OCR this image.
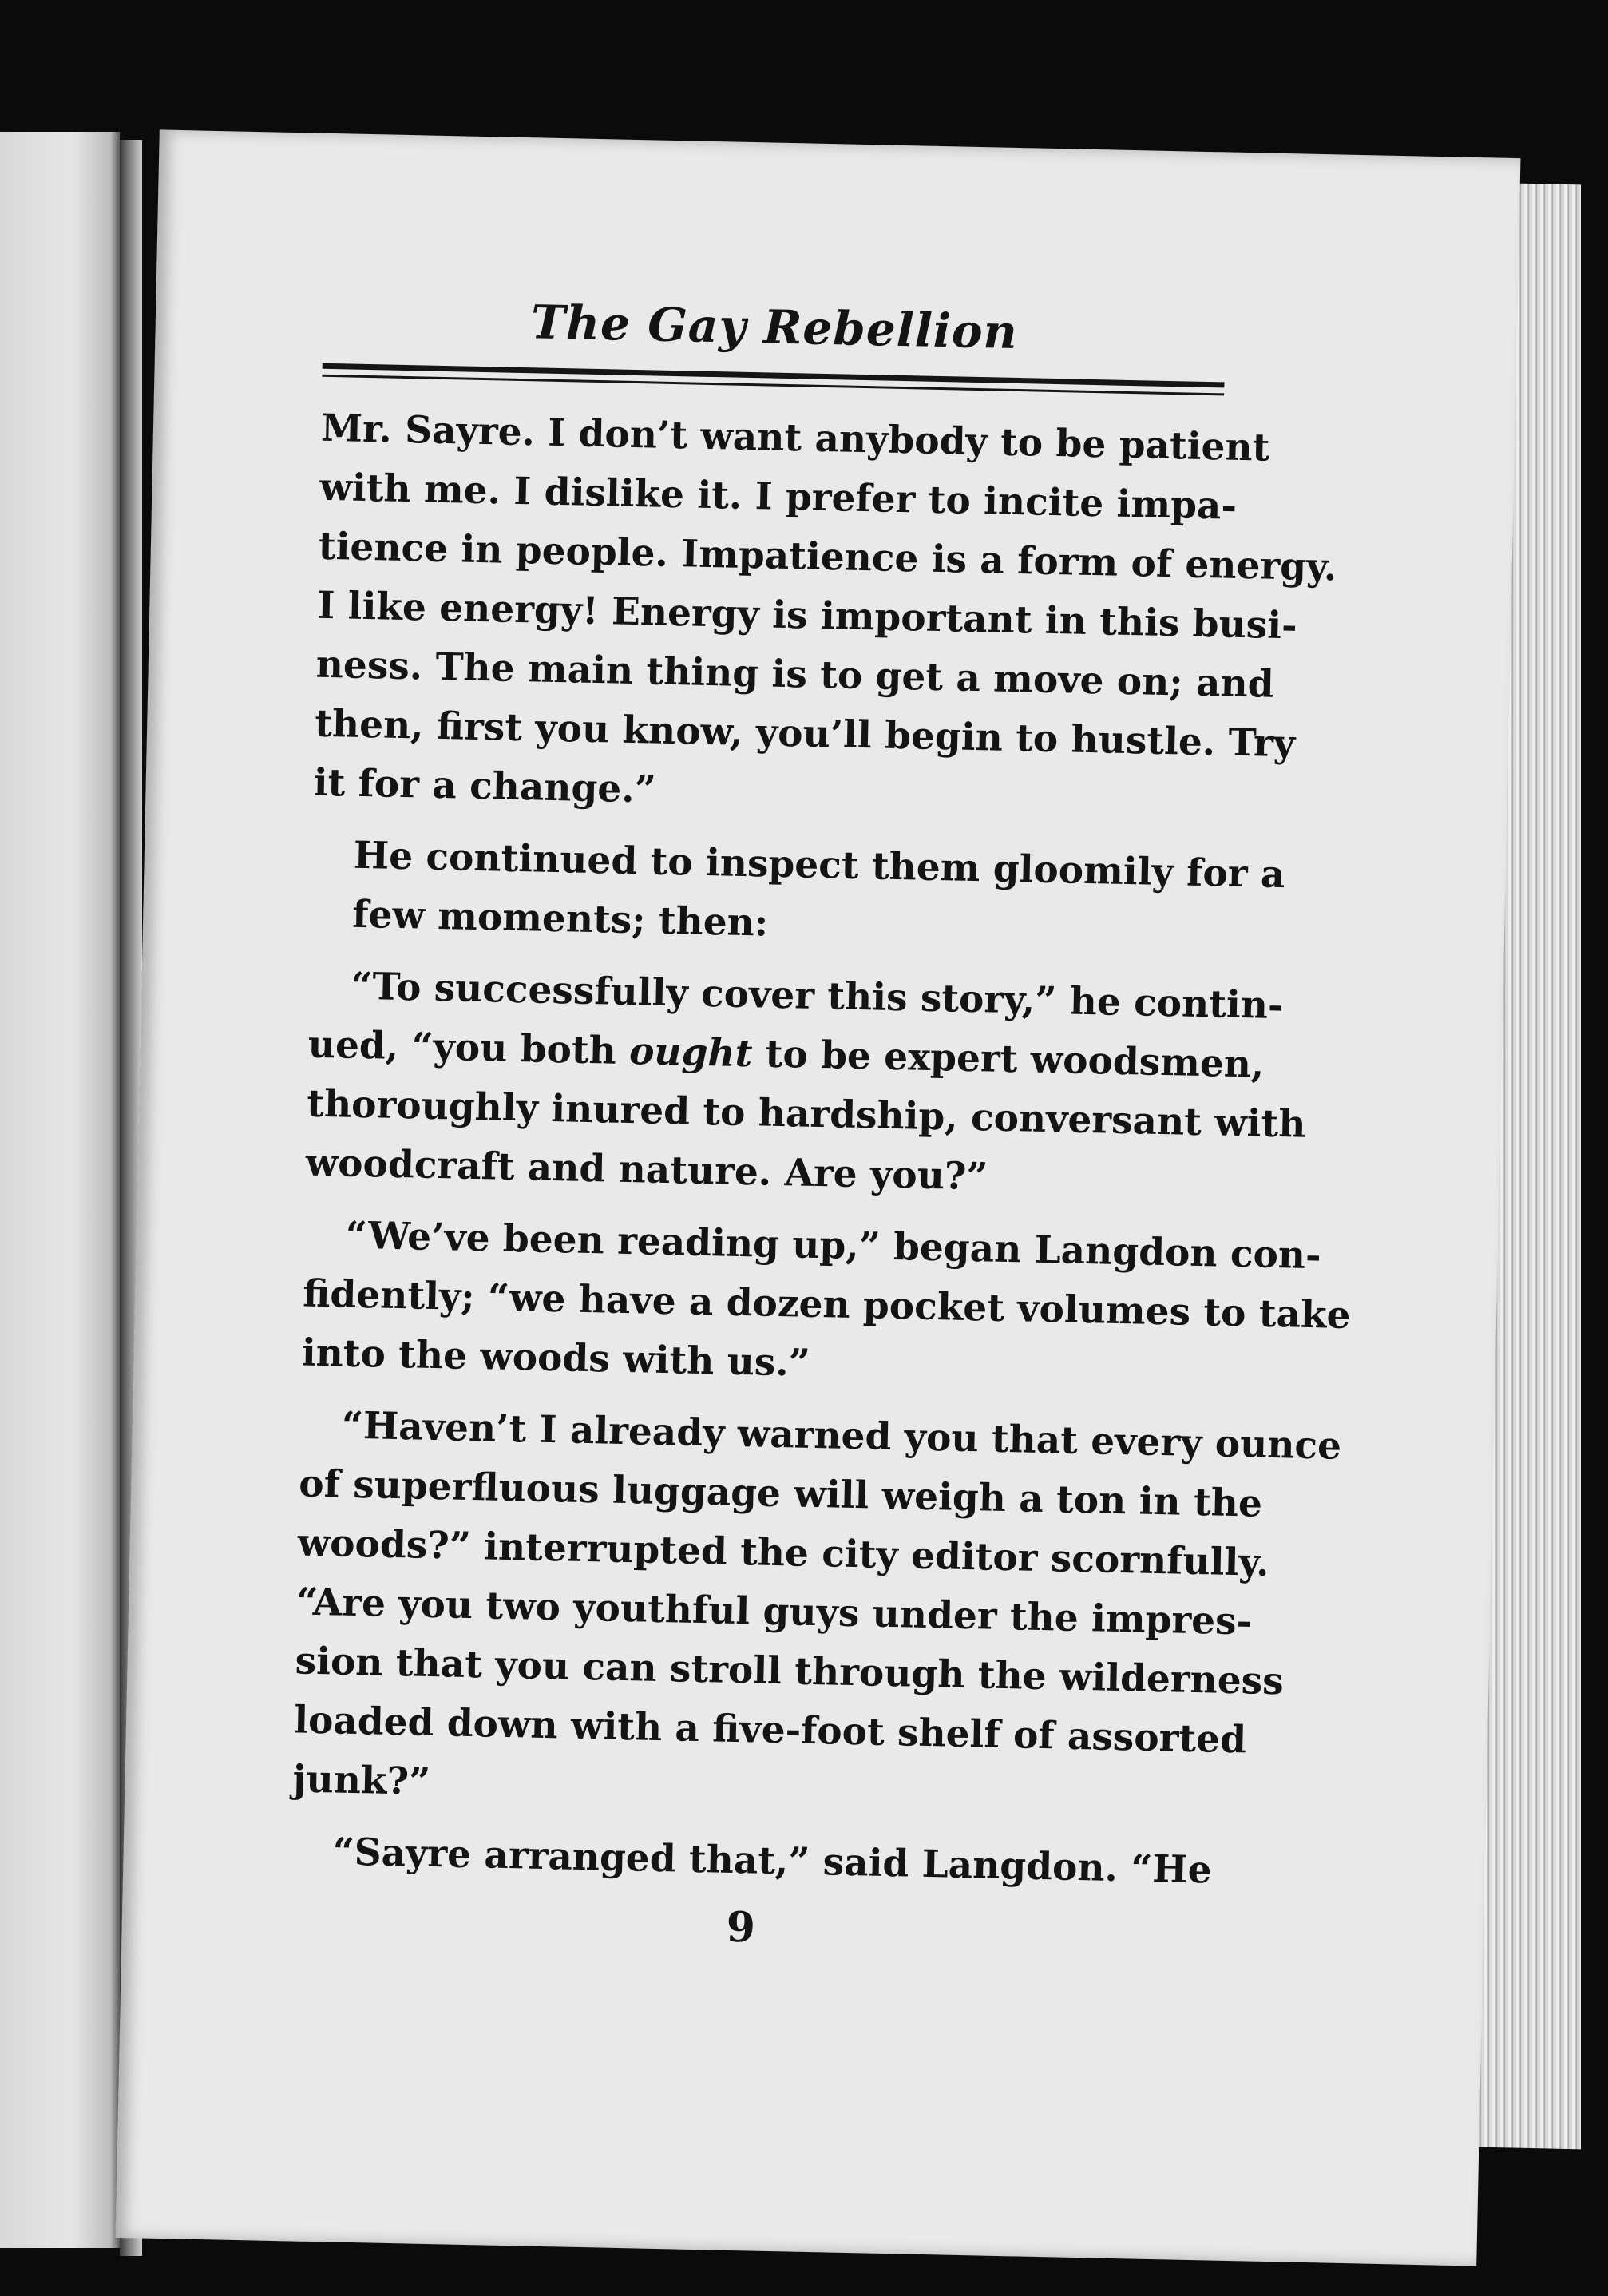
The Gay Rebellion

Mr. Sayre. I don’t want anybody to be patient
with me. I dislike it. I prefer to incite impa-
tience in people. Impatience is a form of energy.
I like energy! Energy is important in this busi-
ness. The main thing is to get a move on; and
then, first you know, you’ll begin to hustle. Try
it for a change.”

He continued to inspect them gloomily for a
few moments; then:

“To successfully cover this story,” he contin-
ued, “you both ought to be expert woodsmen,
thoroughly inured to hardship, conversant with
woodcraft and nature. Are you?”

“We’ve been reading up,” began Langdon con-
fidently; “we have a dozen pocket volumes to take
into the woods with us.”

“Haven’t I already warned you that every ounce
of superfluous luggage will weigh a ton in the
woods?” interrupted the city editor scornfully.
“Are you two youthful guys under the impres-
sion that you can stroll through the wilderness
loaded down with a five-foot shelf of assorted
junk?”

“Sayre arranged that,” said Langdon. “He

9
